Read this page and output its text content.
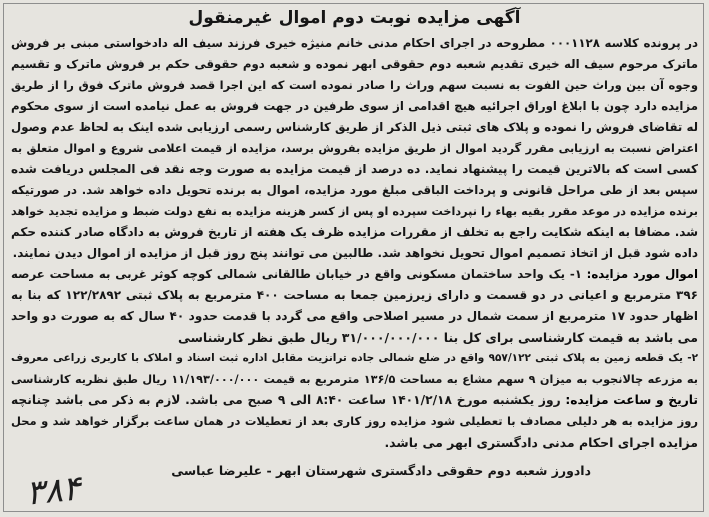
آگهی مزایده نوبت دوم اموال غیرمنقول
در پرونده کلاسه ۰۰۰۱۱۲۸ مطروحه در اجرای احکام مدنی خانم منیژه خیری فرزند سیف اله دادخواستی مبنی بر فروش
ماترک مرحوم سیف اله خیری تقدیم شعبه دوم حقوقی ابهر نموده و شعبه دوم حقوقی حکم بر فروش ماترک و تقسیم
وجوه آن بین وراث حین الفوت به نسبت سهم وراث را صادر نموده است که این اجرا قصد فروش ماترک فوق را از طریق
مزایده دارد چون با ابلاغ اوراق اجرائیه هیچ اقدامی از سوی طرفین در جهت فروش به عمل نیامده است از سوی محکوم
له تقاضای فروش را نموده و پلاک های ثبتی ذیل الذکر از طریق کارشناس رسمی ارزیابی شده اینک به لحاظ عدم وصول
اعتراض نسبت به ارزیابی مقرر گردید اموال از طریق مزایده بفروش برسد، مزایده از قیمت اعلامی شروع و اموال متعلق به
کسی است که بالاترین قیمت را پیشنهاد نماید. ده درصد از قیمت مزایده به صورت وجه نقد فی المجلس دریافت شده
سپس بعد از طی مراحل قانونی و پرداخت الباقی مبلغ مورد مزایده، اموال به برنده تحویل داده خواهد شد. در صورتیکه
برنده مزایده در موعد مقرر بقیه بهاء را نپرداخت سپرده او پس از کسر هزینه مزایده به نفع دولت ضبط و مزایده تجدید خواهد
شد. مضافا به اینکه شکایت راجع به تخلف از مقررات مزایده ظرف یک هفته از تاریخ فروش به دادگاه صادر کننده حکم
داده شود قبل از اتخاذ تصمیم اموال تحویل نخواهد شد. طالبین می توانند پنج روز قبل از مزایده از اموال دیدن نمایند.
اموال مورد مزایده: ۱- یک واحد ساختمان مسکونی واقع در خیابان طالقانی شمالی کوچه کوثر غربی به مساحت عرصه
۳۹۶ مترمربع و اعیانی در دو قسمت و دارای زیرزمین جمعا به مساحت ۴۰۰ مترمربع به پلاک ثبتی ۱۲۲/۲۸۹۲ که بنا به
اظهار حدود ۱۷ مترمربع از سمت شمال در مسیر اصلاحی واقع می گردد با قدمت حدود ۴۰ سال که به صورت دو واحد
می باشد به قیمت کارشناسی برای کل بنا ۳۱/۰۰۰/۰۰۰/۰۰۰ ریال طبق نظر کارشناسی
۲- یک قطعه زمین به پلاک ثبتی ۹۵۷/۱۲۲ واقع در ضلع شمالی جاده ترانزیت مقابل اداره ثبت اسناد و املاک با کاربری زراعی معروف
به مزرعه چالانجوب به میزان ۹ سهم مشاع به مساحت ۱۳۶/۵ مترمربع به قیمت ۱۱/۱۹۳/۰۰۰/۰۰۰ ریال طبق نظریه کارشناسی
تاریخ و ساعت مزایده: روز یکشنبه مورخ ۱۴۰۱/۲/۱۸ ساعت ۸:۴۰ الی ۹ صبح می باشد. لازم به ذکر می باشد چنانچه
روز مزایده به هر دلیلی مصادف با تعطیلی شود مزایده روز کاری بعد از تعطیلات در همان ساعت برگزار خواهد شد و محل
مزایده اجرای احکام مدنی دادگستری ابهر می باشد.
دادورز شعبه دوم حقوقی دادگستری شهرستان ابهر - علیرضا عباسی
۳۸۴
